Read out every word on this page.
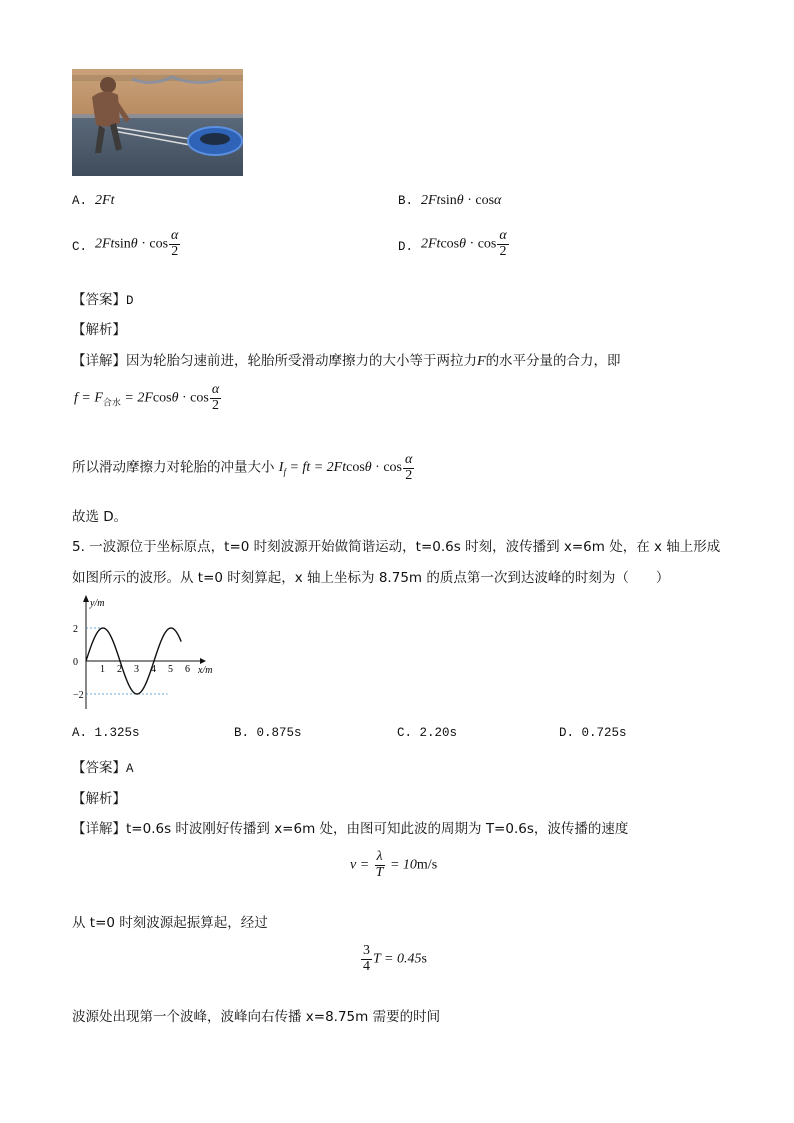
A. 2Ft	B. 2Ftsinθ · cosα
C. $2Ftsin\theta \cdot \cos \frac{\alpha}{2}$	D. $2Ftcos\theta \cdot \cos \frac{\alpha}{2}$
【答案】D
【解析】
【详解】因为轮胎匀速前进，轮胎所受滑动摩擦力的大小等于两拉力F的水平分量的合力，即
$f = F_{合水} = 2Fcos\theta \cdot \cos \frac{\alpha}{2}$
所以滑动摩擦力对轮胎的冲量大小 $I_f$ = ft = $2Ftcos\theta \cdot \cos \frac{\alpha}{2}$
故选 D。
5. 一波源位于坐标原点，t=0 时刻波源开始做简谐运动，t=0.6s 时刻，波传播到 x=6m 处，在 x 轴上形成
如图所示的波形。从 t=0 时刻算起，x 轴上坐标为 8.75m 的质点第一次到达波峰的时刻为（　　）
y/m
x/m
1 2 3 4 5 6
2
0
−2
A. 1.325s	B. 0.875s	C. 2.20s	D. 0.725s
【答案】A
【解析】
【详解】t=0.6s 时波刚好传播到 x=6m 处，由图可知此波的周期为 T=0.6s，波传播的速度
$v = \frac{\lambda}{T} = 10m/s$
从 t=0 时刻波源起振算起，经过
$\frac{3}{4}$ T = 0.45s
波源处出现第一个波峰，波峰向右传播 x=8.75m 需要的时间
